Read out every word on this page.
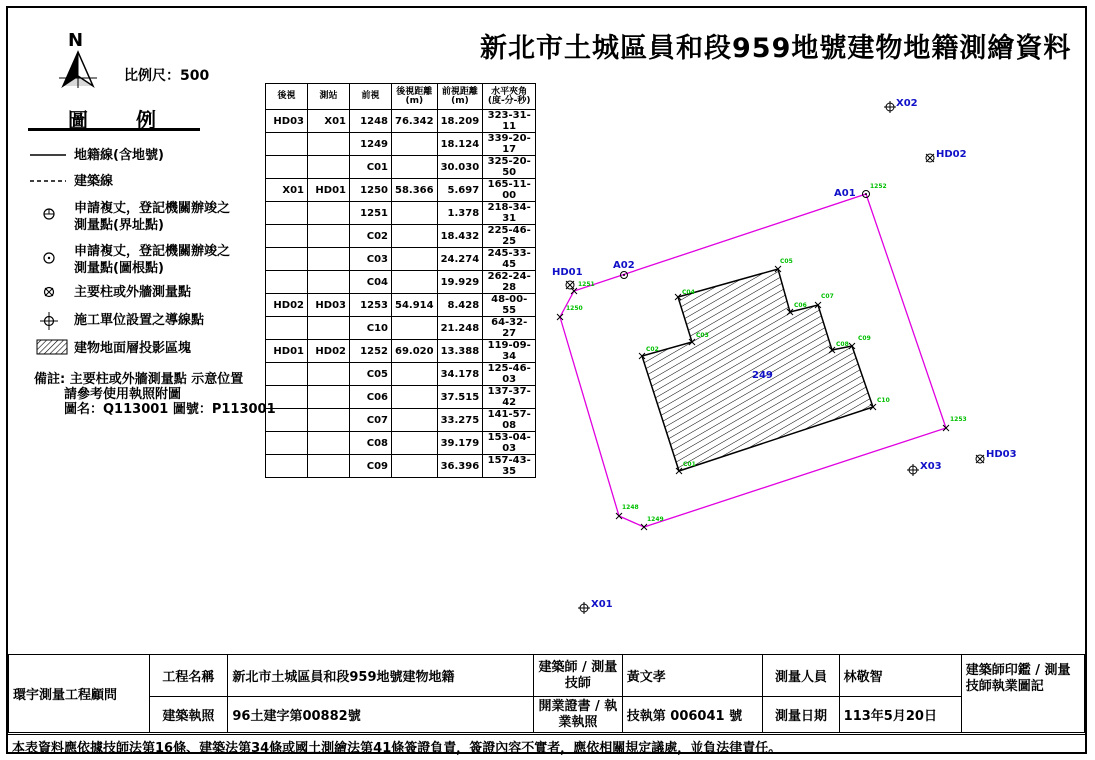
新北市土城區員和段959地號建物地籍測繪資料
N
比例尺：500
圖 例
地籍線(含地號)
建築線
申請複丈，登記機關辦竣之
測量點(界址點)
申請複丈，登記機關辦竣之
測量點(圖根點)
主要柱或外牆測量點
施工單位設置之導線點
建物地面層投影區塊
備註: 主要柱或外牆測量點 示意位置
請參考使用執照附圖
圖名：Q113001 圖號：P113001
後視	測站	前視	後視距離(m)	前視距離(m)	水平夾角(度-分-秒)
HD03	X01	1248	76.342	18.209	323-31-11
		1249		18.124	339-20-17
		C01		30.030	325-20-50
X01	HD01	1250	58.366	5.697	165-11-00
		1251		1.378	218-34-31
		C02		18.432	225-46-25
		C03		24.274	245-33-45
		C04		19.929	262-24-28
HD02	HD03	1253	54.914	8.428	48-00-55
		C10		21.248	64-32-27
HD01	HD02	1252	69.020	13.388	119-09-34
		C05		34.178	125-46-03
		C06		37.515	137-37-42
		C07		33.275	141-57-08
		C08		39.179	153-04-03
		C09		36.396	157-43-35
249
X02
HD02
A01
A02
HD01
HD03
X03
X01
1252
1251
1250
1249
1248
1253
C01
C02
C03
C04
C05
C06
C07
C08
C09
C10
環宇測量工程顧問	工程名稱	新北市土城區員和段959地號建物地籍	建築師 / 測量技師	黃文孝	測量人員	林敬智	建築師印鑑 / 測量技師執業圖記
	建築執照	96土建字第00882號	開業證書 / 執業執照	技執第 006041 號	測量日期	113年5月20日	
本表資料應依據技師法第16條、建築法第34條或國土測繪法第41條簽證負責，簽證內容不實者，應依相關規定議處，並負法律責任。
